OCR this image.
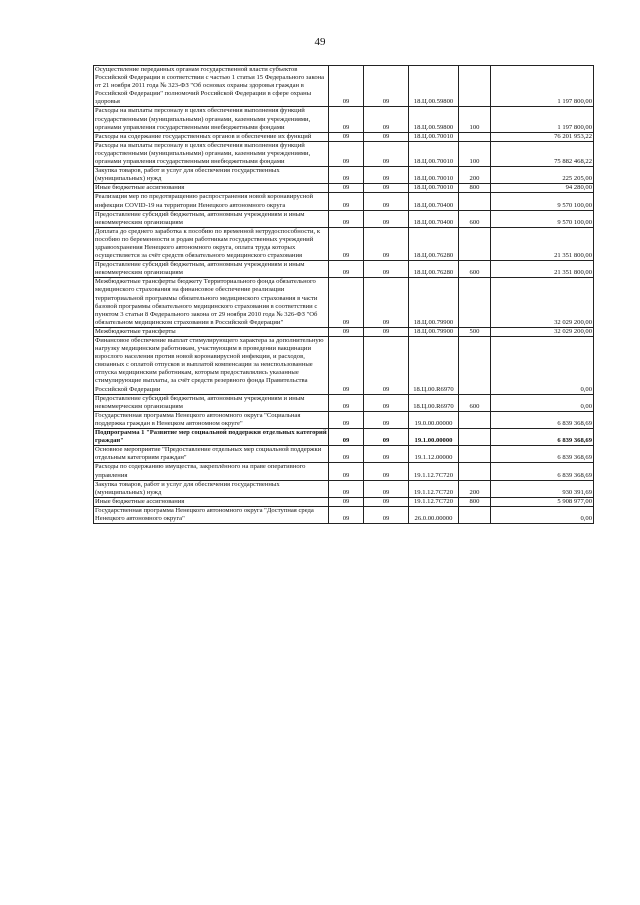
49
Осуществление переданных органам государственной власти субъектов Российской Федерации в соответствии с частью 1 статьи 15 Федерального закона от 21 ноября 2011 года № 323-ФЗ "Об основах охраны здоровья граждан в Российской Федерации" полномочий Российской Федерации в сфере охраны здоровья	09	09	18.Ц.00.59800		1 197 800,00
Расходы на выплаты персоналу в целях обеспечения выполнения функций государственными (муниципальными) органами, казенными учреждениями, органами управления государственными внебюджетными фондами	09	09	18.Ц.00.59800	100	1 197 800,00
Расходы на содержание государственных органов и обеспечение их функций	09	09	18.Ц.00.70010		76 201 953,22
Расходы на выплаты персоналу в целях обеспечения выполнения функций государственными (муниципальными) органами, казенными учреждениями, органами управления государственными внебюджетными фондами	09	09	18.Ц.00.70010	100	75 882 468,22
Закупка товаров, работ и услуг для обеспечения государственных (муниципальных) нужд	09	09	18.Ц.00.70010	200	225 205,00
Иные бюджетные ассигнования	09	09	18.Ц.00.70010	800	94 280,00
Реализация мер по предотвращению распространения новой коронавирусной инфекции COVID-19 на территории Ненецкого автономного округа	09	09	18.Ц.00.70400		9 570 100,00
Предоставление субсидий бюджетным, автономным учреждениям и иным некоммерческим организациям	09	09	18.Ц.00.70400	600	9 570 100,00
Доплата до среднего заработка к пособию по временной нетрудоспособности, к пособию по беременности и родам работникам государственных учреждений здравоохранения Ненецкого автономного округа, оплата труда которых осуществляется за счёт средств обязательного медицинского страхования	09	09	18.Ц.00.76280		21 351 800,00
Предоставление субсидий бюджетным, автономным учреждениям и иным некоммерческим организациям	09	09	18.Ц.00.76280	600	21 351 800,00
Межбюджетные трансферты бюджету Территориального фонда обязательного медицинского страхования на финансовое обеспечение реализации территориальной программы обязательного медицинского страхования в части базовой программы обязательного медицинского страхования в соответствии с пунктом 3 статьи 8 Федерального закона от 29 ноября 2010 года № 326-ФЗ "Об обязательном медицинском страховании в Российской Федерации"	09	09	18.Ц.00.79900		32 029 200,00
Межбюджетные трансферты	09	09	18.Ц.00.79900	500	32 029 200,00
Финансовое обеспечение выплат стимулирующего характера за дополнительную нагрузку медицинским работникам, участвующим в проведении вакцинации взрослого населения против новой коронавирусной инфекции, и расходов, связанных с оплатой отпусков и выплатой компенсации за неиспользованные отпуска медицинским работникам, которым предоставлялись указанные стимулирующие выплаты, за счёт средств резервного фонда Правительства Российской Федерации	09	09	18.Ц.00.R6970		0,00
Предоставление субсидий бюджетным, автономным учреждениям и иным некоммерческим организациям	09	09	18.Ц.00.R6970	600	0,00
Государственная программа Ненецкого автономного округа "Социальная поддержка граждан в Ненецком автономном округе"	09	09	19.0.00.00000		6 839 368,69
Подпрограмма 1 "Развитие мер социальной поддержки отдельных категорий граждан"	09	09	19.1.00.00000		6 839 368,69
Основное мероприятие "Предоставление отдельных мер социальной поддержки отдельным категориям граждан"	09	09	19.1.12.00000		6 839 368,69
Расходы по содержанию имущества, закреплённого на праве оперативного управления	09	09	19.1.12.7С720		6 839 368,69
Закупка товаров, работ и услуг для обеспечения государственных (муниципальных) нужд	09	09	19.1.12.7С720	200	930 391,69
Иные бюджетные ассигнования	09	09	19.1.12.7С720	800	5 908 977,00
Государственная программа Ненецкого автономного округа "Доступная среда Ненецкого автономного округа"	09	09	26.0.00.00000		0,00
